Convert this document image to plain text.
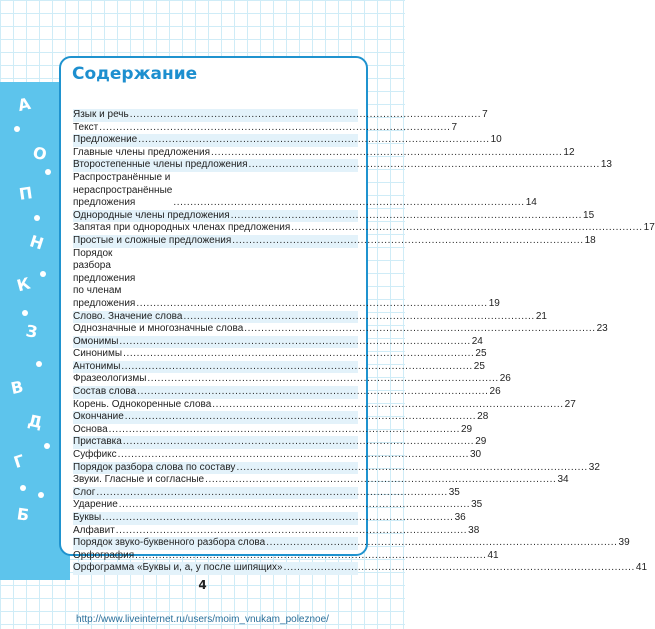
А
О
П
Н
К
З
В
Д
Г
Б
Содержание
Язык и речь ........................................................................................................ 7
Текст ........................................................................................................ 7
Предложение ........................................................................................................ 10
Главные члены предложения ........................................................................................................ 12
Второстепенные члены предложения ........................................................................................................ 13
Распространённые и нераспространённые предложения	........................................................................................................ 14
Однородные члены предложения ........................................................................................................ 15
Запятая при однородных членах предложения ........................................................................................................ 17
Простые и сложные предложения ........................................................................................................ 18
Порядок разбора предложения по членам предложения ........................................................................................................ 19
Слово. Значение слова ........................................................................................................ 21
Однозначные и многозначные слова ........................................................................................................ 23
Омонимы ........................................................................................................ 24
Синонимы ........................................................................................................ 25
Антонимы ........................................................................................................ 25
Фразеологизмы ........................................................................................................ 26
Состав слова ........................................................................................................ 26
Корень. Однокоренные слова ........................................................................................................ 27
Окончание ........................................................................................................ 28
Основа ........................................................................................................ 29
Приставка ........................................................................................................ 29
Суффикс ........................................................................................................ 30
Порядок разбора слова по составу ........................................................................................................ 32
Звуки. Гласные и согласные ........................................................................................................ 34
Слог ........................................................................................................ 35
Ударение ........................................................................................................ 35
Буквы ........................................................................................................ 36
Алфавит ........................................................................................................ 38
Порядок звуко-буквенного разбора слова ........................................................................................................ 39
Орфография ........................................................................................................ 41
Орфограмма «Буквы и, а, у после шипящих» ........................................................................................................ 41
4
http://www.liveinternet.ru/users/moim_vnukam_poleznoe/
